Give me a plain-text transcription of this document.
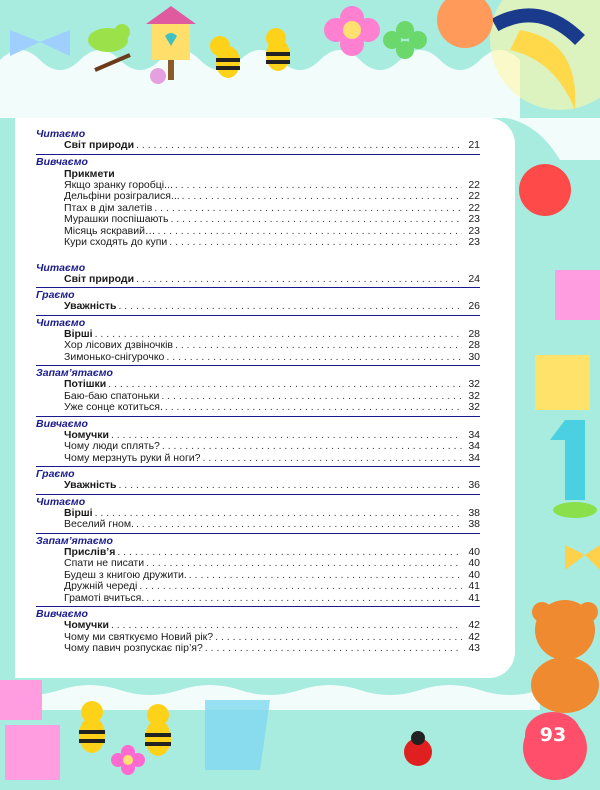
Читаємо
Світ природи . . .	21
Вивчаємо
Прикмети
Якщо зранку горобці... . . .	22
Дельфіни розігралися... . . .	22
Птах в дім залетів . . .	22
Мурашки поспішають . . .	23
Місяць яскравий… . . .	23
Кури сходять до купи . . .	23
Читаємо
Світ природи . . .	24
Граємо
Уважність . . .	26
Читаємо
Вірші . . .	28
Хор лісових дзвіночків . . .	28
Зимонько-снігурочко . . .	30
Запам’ятаємо
Потішки . . .	32
Баю-баю спатоньки . . .	32
Уже сонце котиться. . . .	32
Вивчаємо
Чомучки . . .	34
Чому люди сплять? . . .	34
Чому мерзнуть руки й ноги? . . .	34
Граємо
Уважність . . .	36
Читаємо
Вірші . . .	38
Веселий гном. . . .	38
Запам’ятаємо
Прислів’я . . .	40
Спати не писати . . .	40
Будеш з книгою дружити. . . .	40
Дружній череді . . .	41
Грамоті вчиться. . . .	41
Вивчаємо
Чомучки . . .	42
Чому ми святкуємо Новий рік? . . .	42
Чому павич розпускає пір’я? . . .	43
93
